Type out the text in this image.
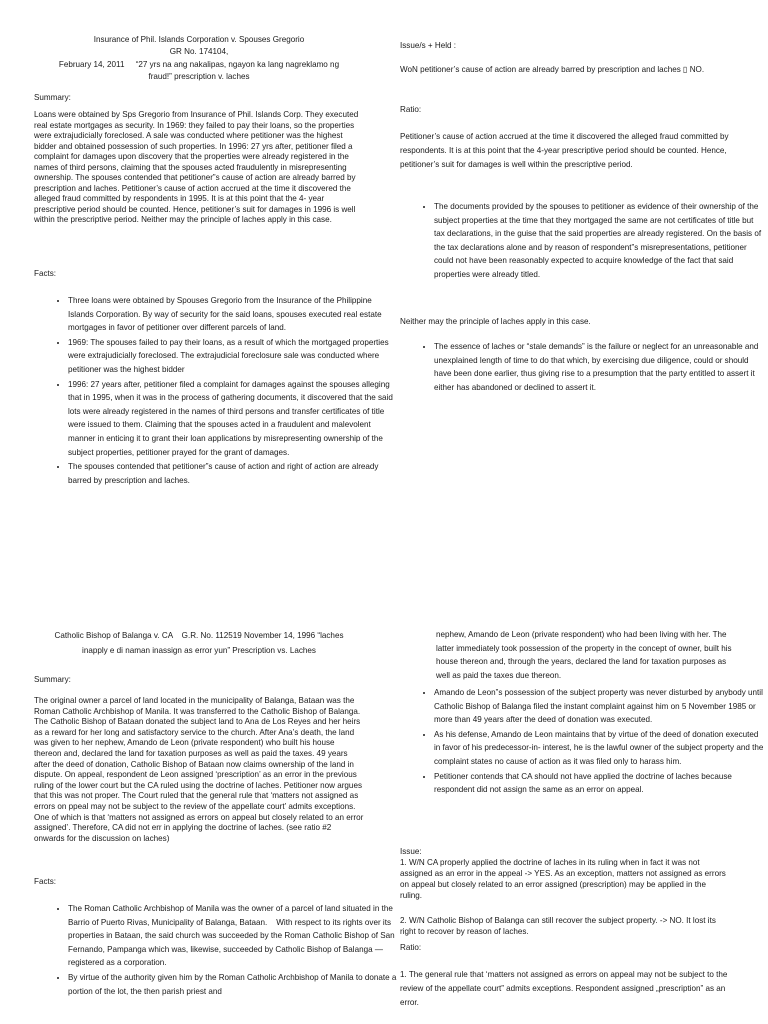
Insurance of Phil. Islands Corporation v. Spouses Gregorio

GR No. 174104,

February 14, 2011     “27 yrs na ang nakalipas, ngayon ka lang nagreklamo ng

fraud!” prescription v. laches

Summary:

Loans were obtained by Sps Gregorio from Insurance of Phil. Islands Corp. They executed real estate mortgages as security. In 1969: they failed to pay their loans, so the properties were extrajudicially foreclosed. A sale was conducted where petitioner was the highest bidder and obtained possession of such properties. In 1996: 27 yrs after, petitioner filed a complaint for damages upon discovery that the properties were already registered in the names of third persons, claiming that the spouses acted fraudulently in misrepresenting ownership. The spouses contended that petitioner”s cause of action are already barred by prescription and laches. Petitioner’s cause of action accrued at the time it discovered the alleged fraud committed by respondents in 1995. It is at this point that the 4- year prescriptive period should be counted. Hence, petitioner’s suit for damages in 1996 is well within the prescriptive period. Neither may the principle of laches apply in this case.

Facts:

• Three loans were obtained by Spouses Gregorio from the Insurance of the Philippine Islands Corporation. By way of security for the said loans, spouses executed real estate mortgages in favor of petitioner over different parcels of land.
• 1969: The spouses failed to pay their loans, as a result of which the mortgaged properties were extrajudicially foreclosed. The extrajudicial foreclosure sale was conducted where petitioner was the highest bidder
• 1996: 27 years after, petitioner filed a complaint for damages against the spouses alleging that in 1995, when it was in the process of gathering documents, it discovered that the said lots were already registered in the names of third persons and transfer certificates of title were issued to them. Claiming that the spouses acted in a fraudulent and malevolent manner in enticing it to grant their loan applications by misrepresenting ownership of the subject properties, petitioner prayed for the grant of damages.
• The spouses contended that petitioner”s cause of action and right of action are already barred by prescription and laches.

Issue/s + Held :

WoN petitioner’s cause of action are already barred by prescription and laches ▯ NO.

Ratio:

Petitioner’s cause of action accrued at the time it discovered the alleged fraud committed by respondents. It is at this point that the 4-year prescriptive period should be counted. Hence, petitioner’s suit for damages is well within the prescriptive period.

• The documents provided by the spouses to petitioner as evidence of their ownership of the subject properties at the time that they mortgaged the same are not certificates of title but tax declarations, in the guise that the said properties are already registered. On the basis of the tax declarations alone and by reason of respondent”s misrepresentations, petitioner could not have been reasonably expected to acquire knowledge of the fact that said properties were already titled.

Neither may the principle of laches apply in this case.

• The essence of laches or “stale demands” is the failure or neglect for an unreasonable and unexplained length of time to do that which, by exercising due diligence, could or should have been done earlier, thus giving rise to a presumption that the party entitled to assert it either has abandoned or declined to assert it.

Catholic Bishop of Balanga v. CA    G.R. No. 112519 November 14, 1996 “laches

inapply e di naman inassign as error yun” Prescription vs. Laches

Summary:

The original owner a parcel of land located in the municipality of Balanga, Bataan was the Roman Catholic Archbishop of Manila. It was transferred to the Catholic Bishop of Balanga. The Catholic Bishop of Bataan donated the subject land to Ana de Los Reyes and her heirs as a reward for her long and satisfactory service to the church. After Ana’s death, the land was given to her nephew, Amando de Leon (private respondent) who built his house thereon and, declared the land for taxation purposes as well as paid the taxes. 49 years after the deed of donation, Catholic Bishop of Bataan now claims ownership of the land in dispute. On appeal, respondent de Leon assigned ‘prescription’ as an error in the previous ruling of the lower court but the CA ruled using the doctrine of laches. Petitioner now argues that this was not proper. The Court ruled that the general rule that ‘matters not assigned as errors on ppeal may not be subject to the review of the appellate court’ admits exceptions. One of which is that ‘matters not assigned as errors on appeal but closely related to an error assigned’. Therefore, CA did not err in applying the doctrine of laches. (see ratio #2 onwards for the discussion on laches)

Facts:

• The Roman Catholic Archbishop of Manila was the owner of a parcel of land situated in the Barrio of Puerto Rivas, Municipality of Balanga, Bataan.    With respect to its rights over its properties in Bataan, the said church was succeeded by the Roman Catholic Bishop of San Fernando, Pampanga which was, likewise, succeeded by Catholic Bishop of Balanga — registered as a corporation.
• By virtue of the authority given him by the Roman Catholic Archbishop of Manila to donate a portion of the lot, the then parish priest and

nephew, Amando de Leon (private respondent) who had been living with her. The latter immediately took possession of the property in the concept of owner, built his house thereon and, through the years, declared the land for taxation purposes as well as paid the taxes due thereon.

• Amando de Leon”s possession of the subject property was never disturbed by anybody until Catholic Bishop of Balanga filed the instant complaint against him on 5 November 1985 or more than 49 years after the deed of donation was executed.
• As his defense, Amando de Leon maintains that by virtue of the deed of donation executed in favor of his predecessor-in- interest, he is the lawful owner of the subject property and the complaint states no cause of action as it was filed only to harass him.
• Petitioner contends that CA should not have applied the doctrine of laches because respondent did not assign the same as an error on appeal.

Issue:

1. W/N CA properly applied the doctrine of laches in its ruling when in fact it was not assigned as an error in the appeal -> YES. As an exception, matters not assigned as errors on appeal but closely related to an error assigned (prescription) may be applied in the ruling.

2. W/N Catholic Bishop of Balanga can still recover the subject property. -> NO. It lost its right to recover by reason of laches.

Ratio:

1. The general rule that ‘matters not assigned as errors on appeal may not be subject to the review of the appellate court” admits exceptions. Respondent assigned „prescription” as an error.
